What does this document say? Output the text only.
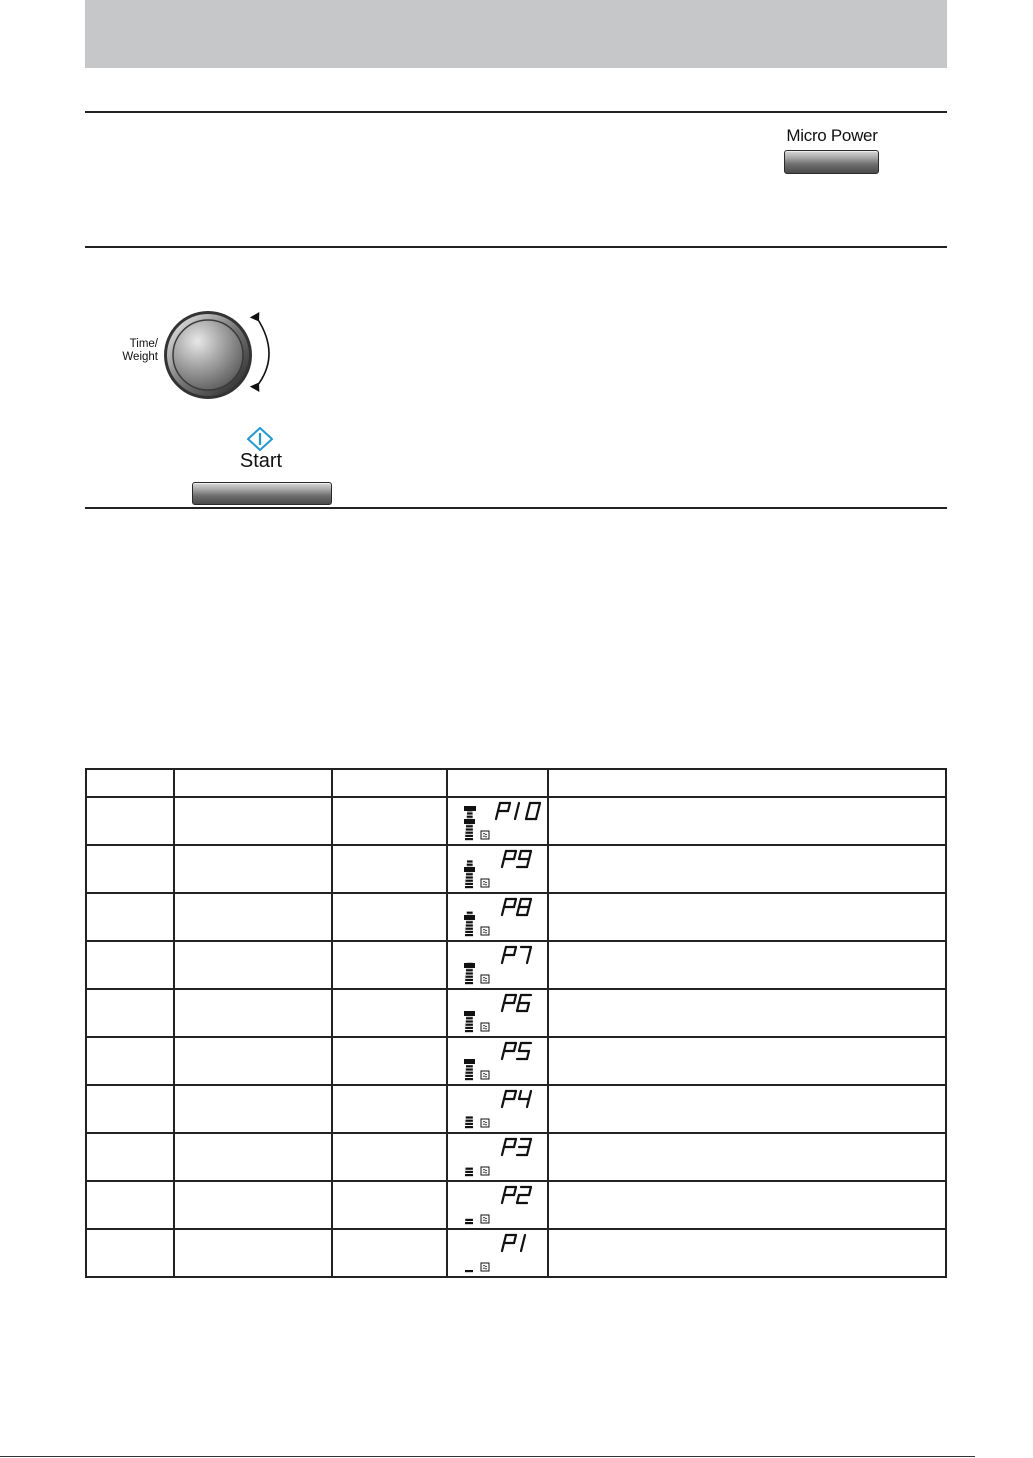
Micro Power
Time/
Weight
Start
